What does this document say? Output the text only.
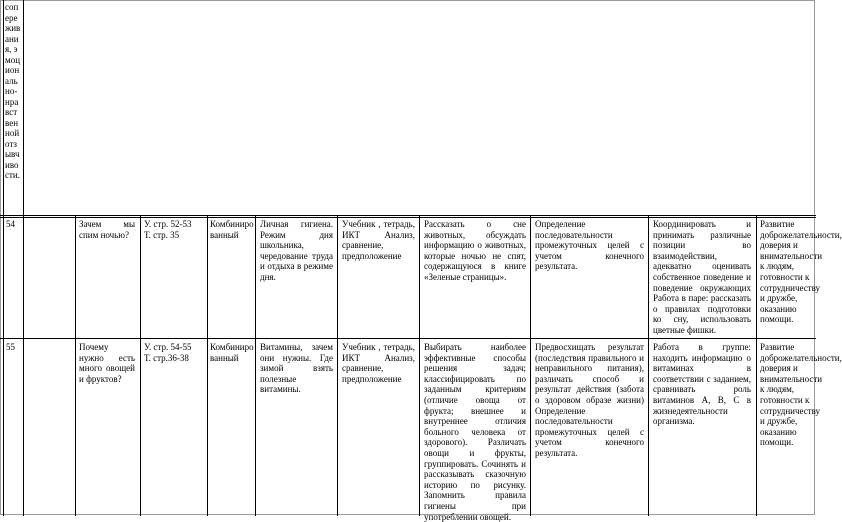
сопереживания, эмоционально-нравственной отзывчивости.
54	Зачем мы спим ночью?
У. стр. 52-53
Т. стр. 35
Комбинированный
Личная гигиена. Режим дня школьника, чередование труда и отдыха в режиме дня.
Учебник , тетрадь, ИКТ Анализ, сравнение, предположение
Рассказать о сне животных, обсуждать информацию о животных, которые ночью не спят, содержащуюся в книге «Зеленые страницы».
Определение последовательности промежуточных целей с учетом конечного результата.
Координировать и принимать различные позиции во взаимодействии, адекватно оценивать собственное поведение и поведение окружающих Работа в паре: рассказать о правилах подготовки ко сну, использовать цветные фишки.
Развитие доброжелательности, доверия и внимательности к людям, готовности к сотрудничеству и дружбе, оказанию помощи.
55	Почему нужно есть много овощей и фруктов?
У. стр. 54-55
Т. стр.36-38
Комбинированный
Витамины, зачем они нужны. Где зимой взять полезные витамины.
Учебник , тетрадь, ИКТ Анализ, сравнение, предположение
Выбирать наиболее эффективные способы решения задач; классифицировать по заданным критериям (отличие овоща от фрукта; внешнее и внутреннее отличия больного человека от здорового). Различать овощи и фрукты, группировать. Сочинять и рассказывать сказочную историю по рисунку. Запомнить правила гигиены при употреблении овощей.
Предвосхищать результат (последствия правильного и неправильного питания), различать способ и результат действия (забота о здоровом образе жизни) Определение последовательности промежуточных целей с учетом конечного результата.
Работа в группе: находить информацию о витаминах в соответствии с заданием, сравнивать роль витаминов А, В, С в жизнедеятельности организма.
Развитие доброжелательности, доверия и внимательности к людям, готовности к сотрудничеству и дружбе, оказанию помощи.
